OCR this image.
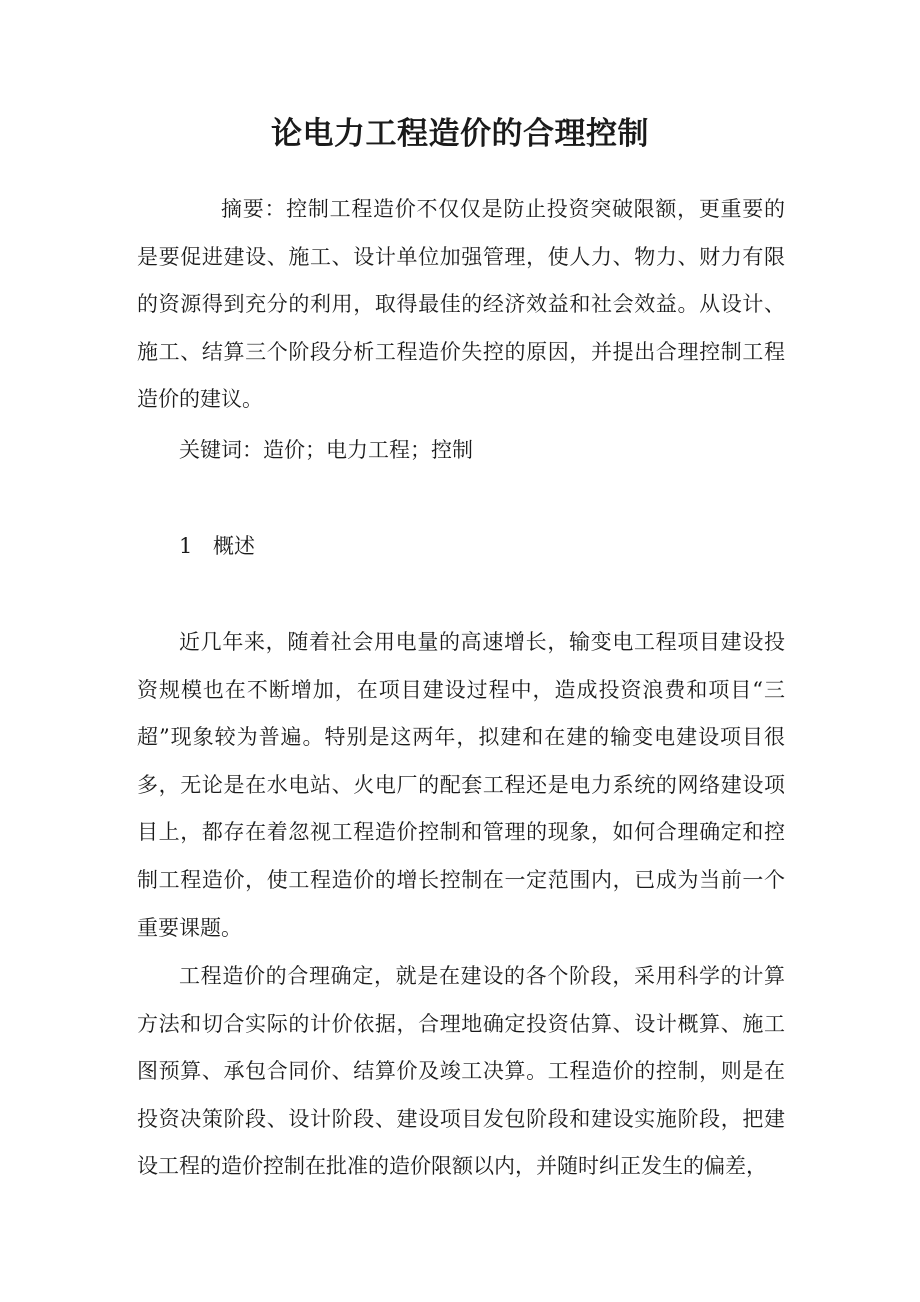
论电力工程造价的合理控制

摘要：控制工程造价不仅仅是防止投资突破限额，更重要的是要促进建设、施工、设计单位加强管理，使人力、物力、财力有限的资源得到充分的利用，取得最佳的经济效益和社会效益。从设计、施工、结算三个阶段分析工程造价失控的原因，并提出合理控制工程造价的建议。

关键词：造价；电力工程；控制

1 概述

近几年来，随着社会用电量的高速增长，输变电工程项目建设投资规模也在不断增加，在项目建设过程中，造成投资浪费和项目“三超”现象较为普遍。特别是这两年，拟建和在建的输变电建设项目很多，无论是在水电站、火电厂的配套工程还是电力系统的网络建设项目上，都存在着忽视工程造价控制和管理的现象，如何合理确定和控制工程造价，使工程造价的增长控制在一定范围内，已成为当前一个重要课题。

工程造价的合理确定，就是在建设的各个阶段，采用科学的计算方法和切合实际的计价依据，合理地确定投资估算、设计概算、施工图预算、承包合同价、结算价及竣工决算。工程造价的控制，则是在投资决策阶段、设计阶段、建设项目发包阶段和建设实施阶段，把建设工程的造价控制在批准的造价限额以内，并随时纠正发生的偏差，
